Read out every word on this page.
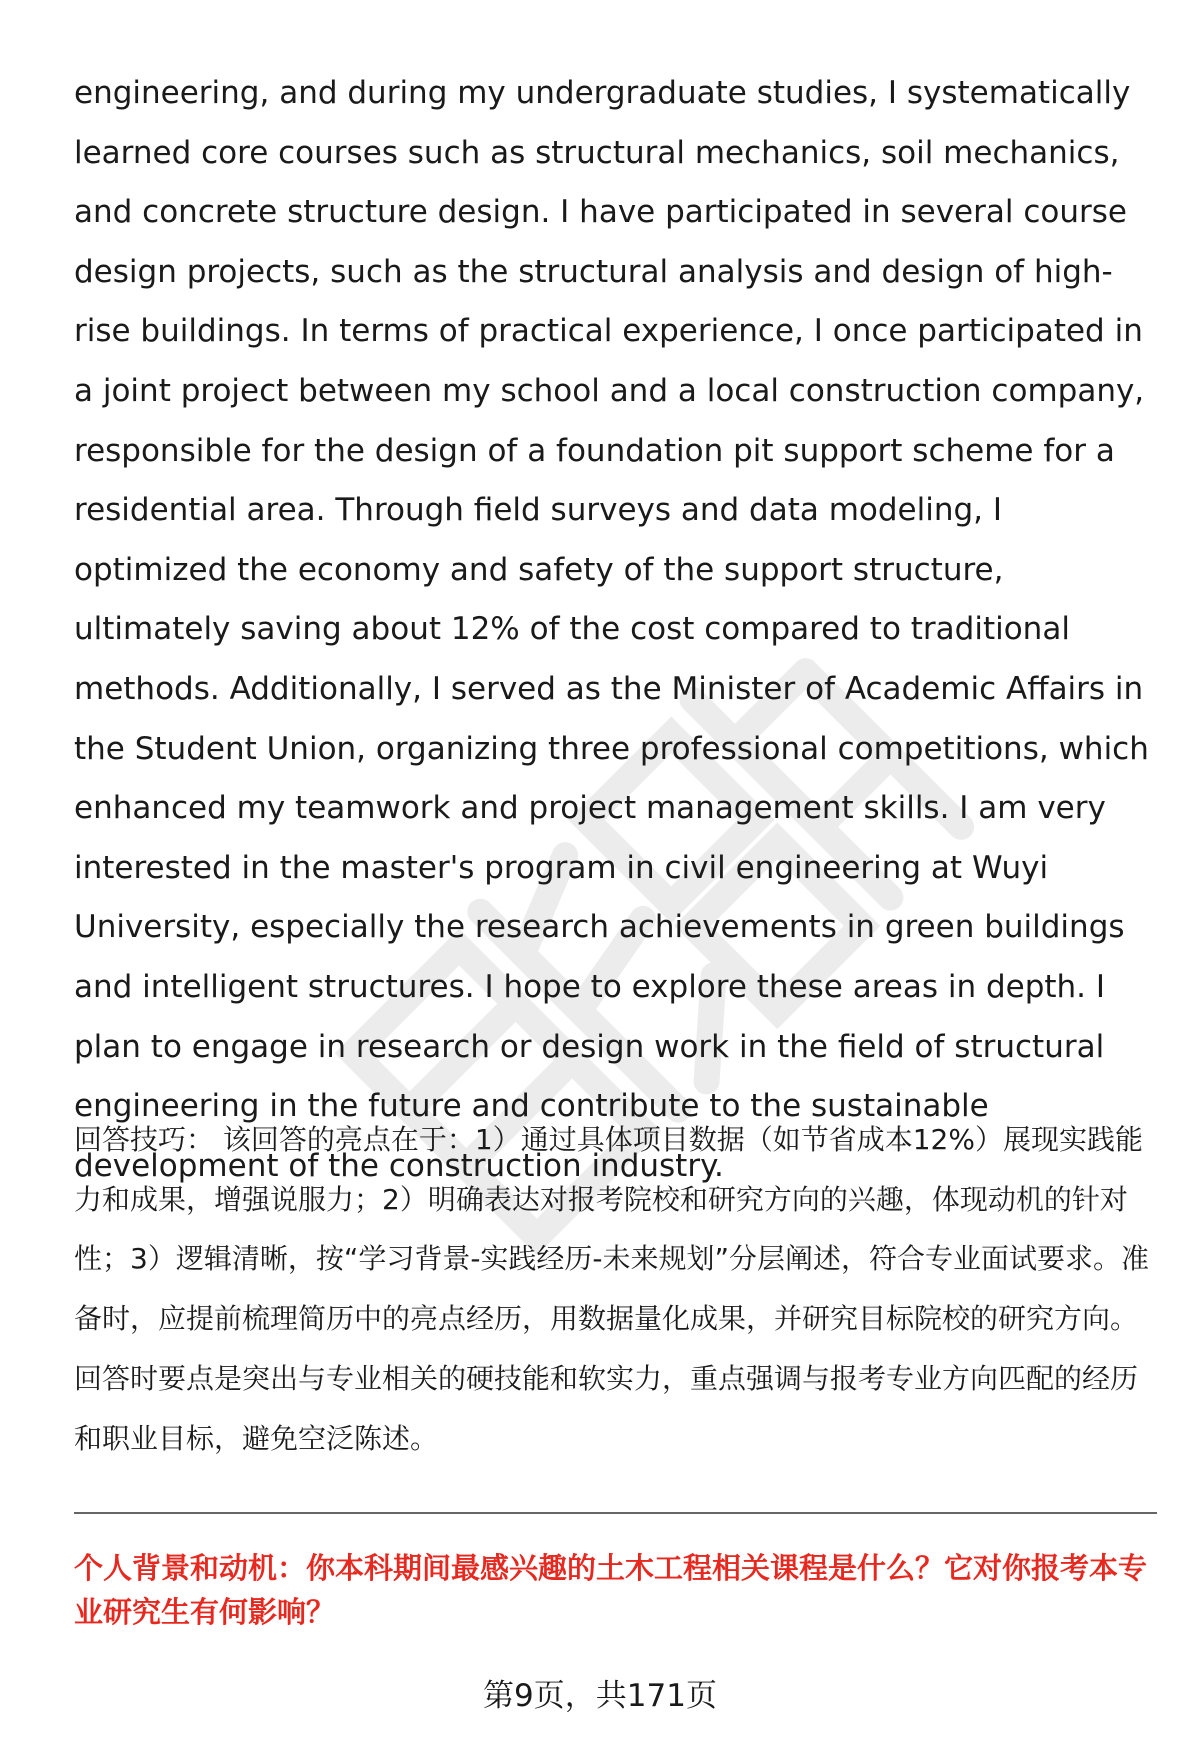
engineering, and during my undergraduate studies, I systematically learned core courses such as structural mechanics, soil mechanics, and concrete structure design. I have participated in several course design projects, such as the structural analysis and design of high-rise buildings. In terms of practical experience, I once participated in a joint project between my school and a local construction company, responsible for the design of a foundation pit support scheme for a residential area. Through field surveys and data modeling, I optimized the economy and safety of the support structure, ultimately saving about 12% of the cost compared to traditional methods. Additionally, I served as the Minister of Academic Affairs in the Student Union, organizing three professional competitions, which enhanced my teamwork and project management skills. I am very interested in the master's program in civil engineering at Wuyi University, especially the research achievements in green buildings and intelligent structures. I hope to explore these areas in depth. I plan to engage in research or design work in the field of structural engineering in the future and contribute to the sustainable development of the construction industry.

回答技巧： 该回答的亮点在于：1）通过具体项目数据（如节省成本12%）展现实践能力和成果，增强说服力；2）明确表达对报考院校和研究方向的兴趣，体现动机的针对性；3）逻辑清晰，按“学习背景-实践经历-未来规划”分层阐述，符合专业面试要求。准备时，应提前梳理简历中的亮点经历，用数据量化成果，并研究目标院校的研究方向。回答时要点是突出与专业相关的硬技能和软实力，重点强调与报考专业方向匹配的经历和职业目标，避免空泛陈述。

个人背景和动机：你本科期间最感兴趣的土木工程相关课程是什么？它对你报考本专业研究生有何影响？

第9页，共171页
